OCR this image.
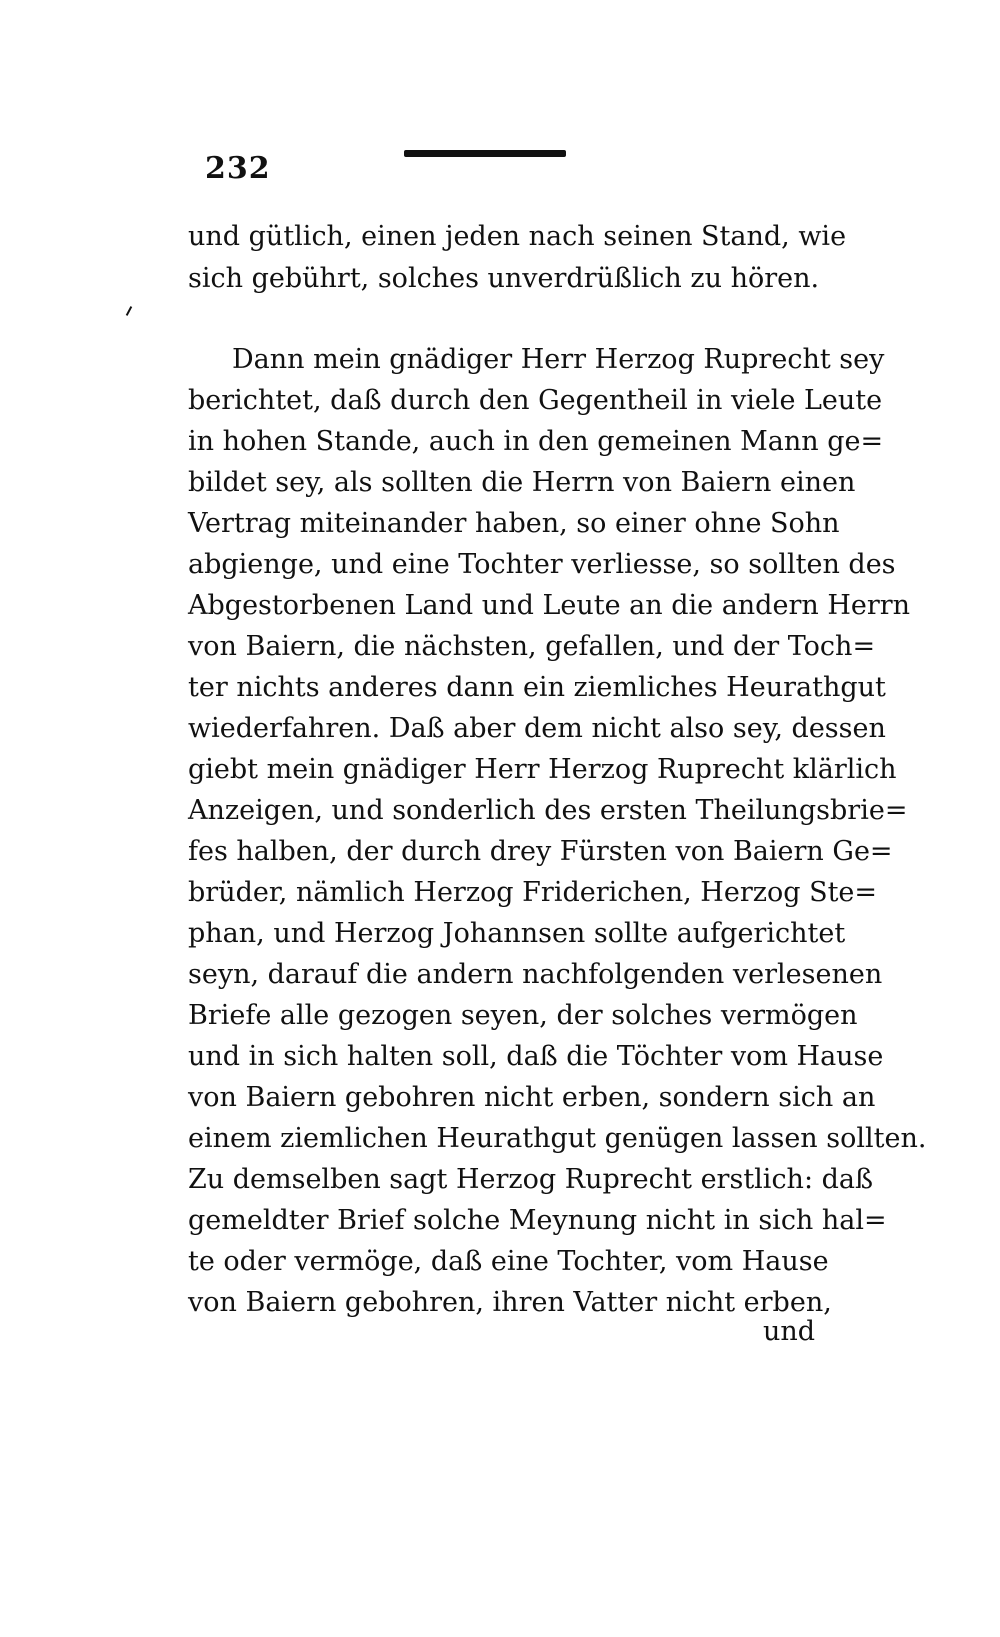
232
und gütlich, einen jeden nach seinen Stand, wie
sich gebührt, solches unverdrüßlich zu hören.
Dann mein gnädiger Herr Herzog Ruprecht sey
berichtet, daß durch den Gegentheil in viele Leute
in hohen Stande, auch in den gemeinen Mann ge=
bildet sey, als sollten die Herrn von Baiern einen
Vertrag miteinander haben, so einer ohne Sohn
abgienge, und eine Tochter verliesse, so sollten des
Abgestorbenen Land und Leute an die andern Herrn
von Baiern, die nächsten, gefallen, und der Toch=
ter nichts anderes dann ein ziemliches Heurathgut
wiederfahren. Daß aber dem nicht also sey, dessen
giebt mein gnädiger Herr Herzog Ruprecht klärlich
Anzeigen, und sonderlich des ersten Theilungsbrie=
fes halben, der durch drey Fürsten von Baiern Ge=
brüder, nämlich Herzog Friderichen, Herzog Ste=
phan, und Herzog Johannsen sollte aufgerichtet
seyn, darauf die andern nachfolgenden verlesenen
Briefe alle gezogen seyen, der solches vermögen
und in sich halten soll, daß die Töchter vom Hause
von Baiern gebohren nicht erben, sondern sich an
einem ziemlichen Heurathgut genügen lassen sollten.
Zu demselben sagt Herzog Ruprecht erstlich: daß
gemeldter Brief solche Meynung nicht in sich hal=
te oder vermöge, daß eine Tochter, vom Hause
von Baiern gebohren, ihren Vatter nicht erben,
und
